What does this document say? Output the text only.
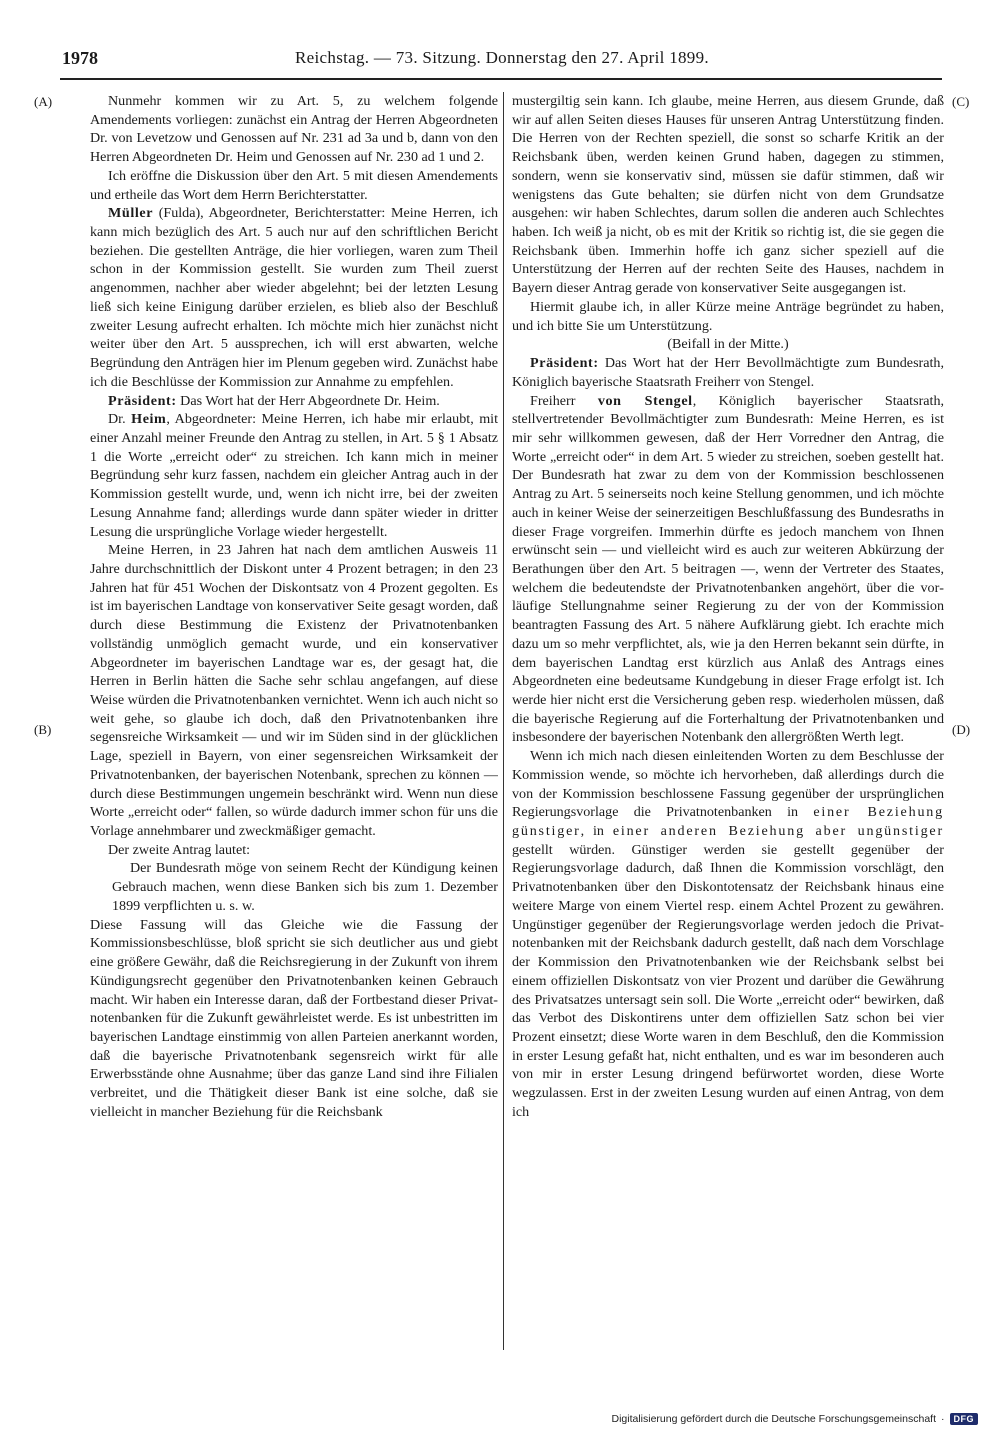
1978	Reichstag. — 73. Sitzung. Donnerstag den 27. April 1899.
(A)
(B)
(C)
(D)

Nunmehr kommen wir zu Art. 5, zu welchem folgende Amendements vorliegen: zunächst ein Antrag der Herren Abgeordneten Dr. von Levetzow und Genossen auf Nr. 231 ad 3a und b, dann von den Herren Abgeordneten Dr. Heim und Genossen auf Nr. 230 ad 1 und 2.

Ich eröffne die Diskussion über den Art. 5 mit diesen Amendements und ertheile das Wort dem Herrn Berichterstatter.

Müller (Fulda), Abgeordneter, Berichterstatter: Meine Herren, ich kann mich bezüglich des Art. 5 auch nur auf den schriftlichen Bericht beziehen. Die gestellten Anträge, die hier vorliegen, waren zum Theil schon in der Kommission gestellt. Sie wurden zum Theil zuerst angenommen, nachher aber wieder abgelehnt; bei der letzten Lesung ließ sich keine Einigung darüber erzielen, es blieb also der Beschluß zweiter Lesung aufrecht erhalten. Ich möchte mich hier zunächst nicht weiter über den Art. 5 aussprechen, ich will erst abwarten, welche Begründung den Anträgen hier im Plenum gegeben wird. Zunächst habe ich die Beschlüsse der Kommission zur Annahme zu empfehlen.

Präsident: Das Wort hat der Herr Abgeordnete Dr. Heim.

Dr. Heim, Abgeordneter: Meine Herren, ich habe mir erlaubt, mit einer Anzahl meiner Freunde den Antrag zu stellen, in Art. 5 § 1 Absatz 1 die Worte „erreicht oder“ zu streichen. Ich kann mich in meiner Begründung sehr kurz fassen, nachdem ein gleicher Antrag auch in der Kommission gestellt wurde, und, wenn ich nicht irre, bei der zweiten Lesung Annahme fand; allerdings wurde dann später wieder in dritter Lesung die ursprüngliche Vorlage wieder hergestellt.

Meine Herren, in 23 Jahren hat nach dem amtlichen Ausweis 11 Jahre durchschnittlich der Diskont unter 4 Prozent betragen; in den 23 Jahren hat für 451 Wochen der Diskontsatz von 4 Prozent gegolten. Es ist im bayerischen Landtage von konservativer Seite gesagt worden, daß durch diese Bestimmung die Existenz der Privatnotenbanken vollständig unmöglich gemacht wurde, und ein konservativer Abgeordneter im bayerischen Landtage war es, der gesagt hat, die Herren in Berlin hätten die Sache sehr schlau angefangen, auf diese Weise würden die Privatnotenbanken vernichtet. Wenn ich auch nicht so weit gehe, so glaube ich doch, daß den Privatnotenbanken ihre segensreiche Wirksamkeit — und wir im Süden sind in der glücklichen Lage, speziell in Bayern, von einer segensreichen Wirksamkeit der Privatnotenbanken, der bayerischen Notenbank, sprechen zu können — durch diese Bestimmungen ungemein beschränkt wird. Wenn nun diese Worte „erreicht oder“ fallen, so würde dadurch immer schon für uns die Vorlage annehmbarer und zweckmäßiger gemacht.

Der zweite Antrag lautet:

Der Bundesrath möge von seinem Recht der Kündigung keinen Gebrauch machen, wenn diese Banken sich bis zum 1. Dezember 1899 verpflichten u. s. w.

Diese Fassung will das Gleiche wie die Fassung der Kommissionsbeschlüsse, bloß spricht sie sich deutlicher aus und giebt eine größere Gewähr, daß die Reichsregierung in der Zukunft von ihrem Kündigungsrecht gegenüber den Privatnotenbanken keinen Gebrauch macht. Wir haben ein Interesse daran, daß der Fortbestand dieser Privatnotenbanken für die Zukunft gewährleistet werde. Es ist unbestritten im bayerischen Landtage einstimmig von allen Parteien anerkannt worden, daß die bayerische Privatnotenbank segensreich wirkt für alle Erwerbsstände ohne Ausnahme; über das ganze Land sind ihre Filialen verbreitet, und die Thätigkeit dieser Bank ist eine solche, daß sie vielleicht in mancher Beziehung für die Reichsbank

mustergiltig sein kann. Ich glaube, meine Herren, aus diesem Grunde, daß wir auf allen Seiten dieses Hauses für unseren Antrag Unterstützung finden. Die Herren von der Rechten speziell, die sonst so scharfe Kritik an der Reichsbank üben, werden keinen Grund haben, dagegen zu stimmen, sondern, wenn sie konservativ sind, müssen sie dafür stimmen, daß wir wenigstens das Gute behalten; sie dürfen nicht von dem Grundsatze ausgehen: wir haben Schlechtes, darum sollen die anderen auch Schlechtes haben. Ich weiß ja nicht, ob es mit der Kritik so richtig ist, die sie gegen die Reichsbank üben. Immerhin hoffe ich ganz sicher speziell auf die Unterstützung der Herren auf der rechten Seite des Hauses, nachdem in Bayern dieser Antrag gerade von konservativer Seite ausgegangen ist.

Hiermit glaube ich, in aller Kürze meine Anträge begründet zu haben, und ich bitte Sie um Unterstützung.

(Beifall in der Mitte.)

Präsident: Das Wort hat der Herr Bevollmächtigte zum Bundesrath, Königlich bayerische Staatsrath Freiherr von Stengel.

Freiherr von Stengel, Königlich bayerischer Staatsrath, stellvertretender Bevollmächtigter zum Bundesrath: Meine Herren, es ist mir sehr willkommen gewesen, daß der Herr Vorredner den Antrag, die Worte „erreicht oder“ in dem Art. 5 wieder zu streichen, soeben gestellt hat. Der Bundesrath hat zwar zu dem von der Kommission beschlossenen Antrag zu Art. 5 seinerseits noch keine Stellung genommen, und ich möchte auch in keiner Weise der seinerzeitigen Beschlußfassung des Bundesraths in dieser Frage vorgreifen. Immerhin dürfte es jedoch manchem von Ihnen erwünscht sein — und vielleicht wird es auch zur weiteren Abkürzung der Berathungen über den Art. 5 beitragen —, wenn der Vertreter des Staates, welchem die bedeutendste der Privatnotenbanken angehört, über die vorläufige Stellungnahme seiner Regierung zu der von der Kommission beantragten Fassung des Art. 5 nähere Aufklärung giebt. Ich erachte mich dazu um so mehr verpflichtet, als, wie ja den Herren bekannt sein dürfte, in dem bayerischen Landtag erst kürzlich aus Anlaß des Antrags eines Abgeordneten eine bedeutsame Kundgebung in dieser Frage erfolgt ist. Ich werde hier nicht erst die Versicherung geben resp. wiederholen müssen, daß die bayerische Regierung auf die Forterhaltung der Privatnotenbanken und insbesondere der bayerischen Notenbank den allergrößten Werth legt.

Wenn ich mich nach diesen einleitenden Worten zu dem Beschlusse der Kommission wende, so möchte ich hervorheben, daß allerdings durch die von der Kommission beschlossene Fassung gegenüber der ursprünglichen Regierungsvorlage die Privatnotenbanken in einer Beziehung günstiger, in einer anderen Beziehung aber ungünstiger gestellt würden. Günstiger werden sie gestellt gegenüber der Regierungsvorlage dadurch, daß Ihnen die Kommission vorschlägt, den Privatnotenbanken über den Diskontotensatz der Reichsbank hinaus eine weitere Marge von einem Viertel resp. einem Achtel Prozent zu gewähren. Ungünstiger gegenüber der Regierungsvorlage werden jedoch die Privatnotenbanken mit der Reichsbank dadurch gestellt, daß nach dem Vorschlage der Kommission den Privatnotenbanken wie der Reichsbank selbst bei einem offiziellen Diskontsatz von vier Prozent und darüber die Gewährung des Privatsatzes untersagt sein soll. Die Worte „erreicht oder“ bewirken, daß das Verbot des Diskontirens unter dem offiziellen Satz schon bei vier Prozent einsetzt; diese Worte waren in dem Beschluß, den die Kommission in erster Lesung gefaßt hat, nicht enthalten, und es war im besonderen auch von mir in erster Lesung dringend befürwortet worden, diese Worte wegzulassen. Erst in der zweiten Lesung wurden auf einen Antrag, von dem ich

Digitalisierung gefördert durch die Deutsche Forschungsgemeinschaft ·	DFG
